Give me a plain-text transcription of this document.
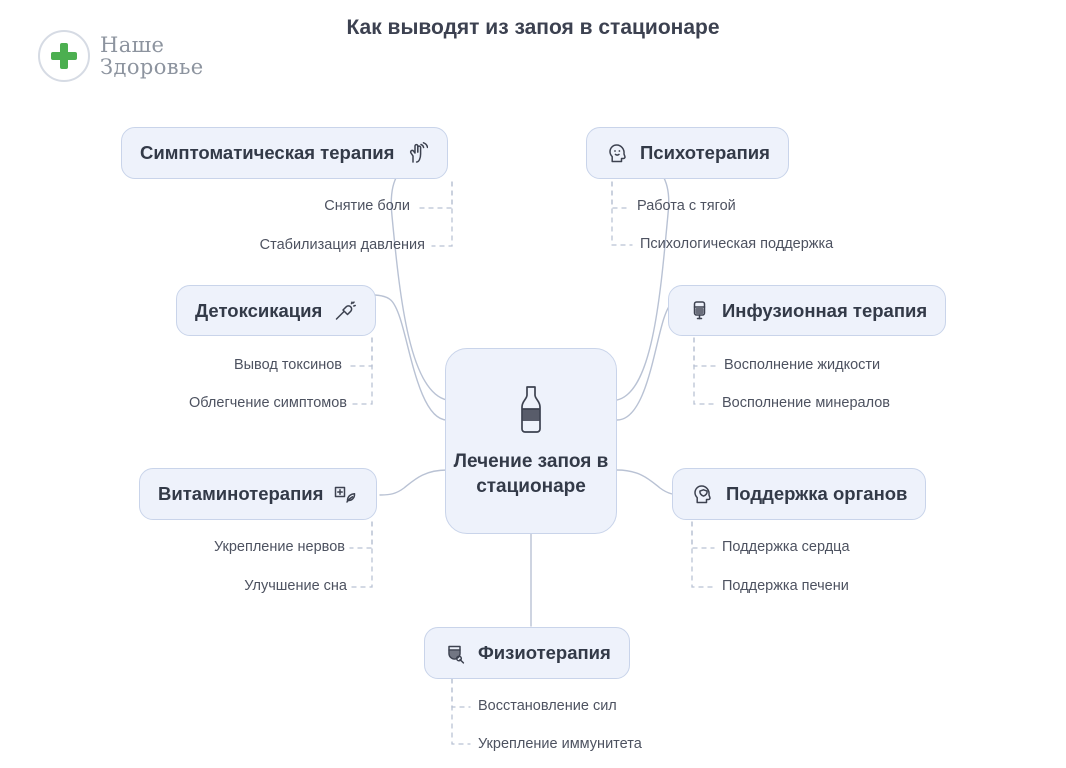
Наше
Здоровье
Как выводят из запоя в стационаре
Лечение запоя в стационаре
Симптоматическая терапия
Снятие боли
Стабилизация давления
Психотерапия
Работа с тягой
Психологическая поддержка
Детоксикация
Вывод токсинов
Облегчение симптомов
Инфузионная терапия
Восполнение жидкости
Восполнение минералов
Витаминотерапия
Укрепление нервов
Улучшение сна
Поддержка органов
Поддержка сердца
Поддержка печени
Физиотерапия
Восстановление сил
Укрепление иммунитета
